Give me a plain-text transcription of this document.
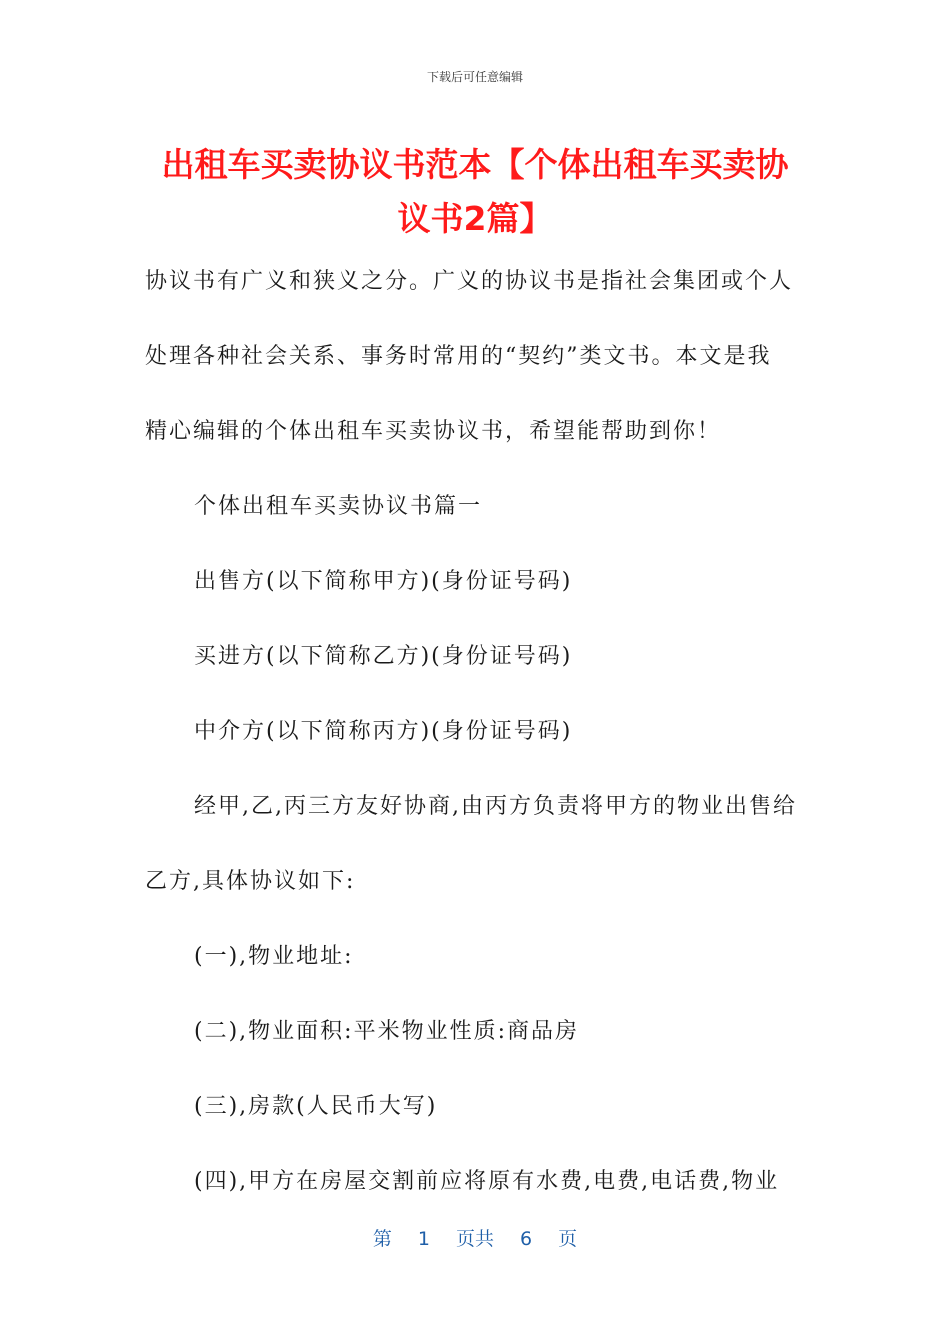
下载后可任意编辑
出租车买卖协议书范本【个体出租车买卖协
议书2篇】

协议书有广义和狭义之分。广义的协议书是指社会集团或个人

处理各种社会关系、事务时常用的“契约”类文书。本文是我

精心编辑的个体出租车买卖协议书，希望能帮助到你！

个体出租车买卖协议书篇一

出售方(以下简称甲方)(身份证号码)

买进方(以下简称乙方)(身份证号码)

中介方(以下简称丙方)(身份证号码)

经甲,乙,丙三方友好协商,由丙方负责将甲方的物业出售给

乙方,具体协议如下:

(一),物业地址:

(二),物业面积:平米物业性质:商品房

(三),房款(人民币大写)

(四),甲方在房屋交割前应将原有水费,电费,电话费,物业

第 1 页共 6 页
